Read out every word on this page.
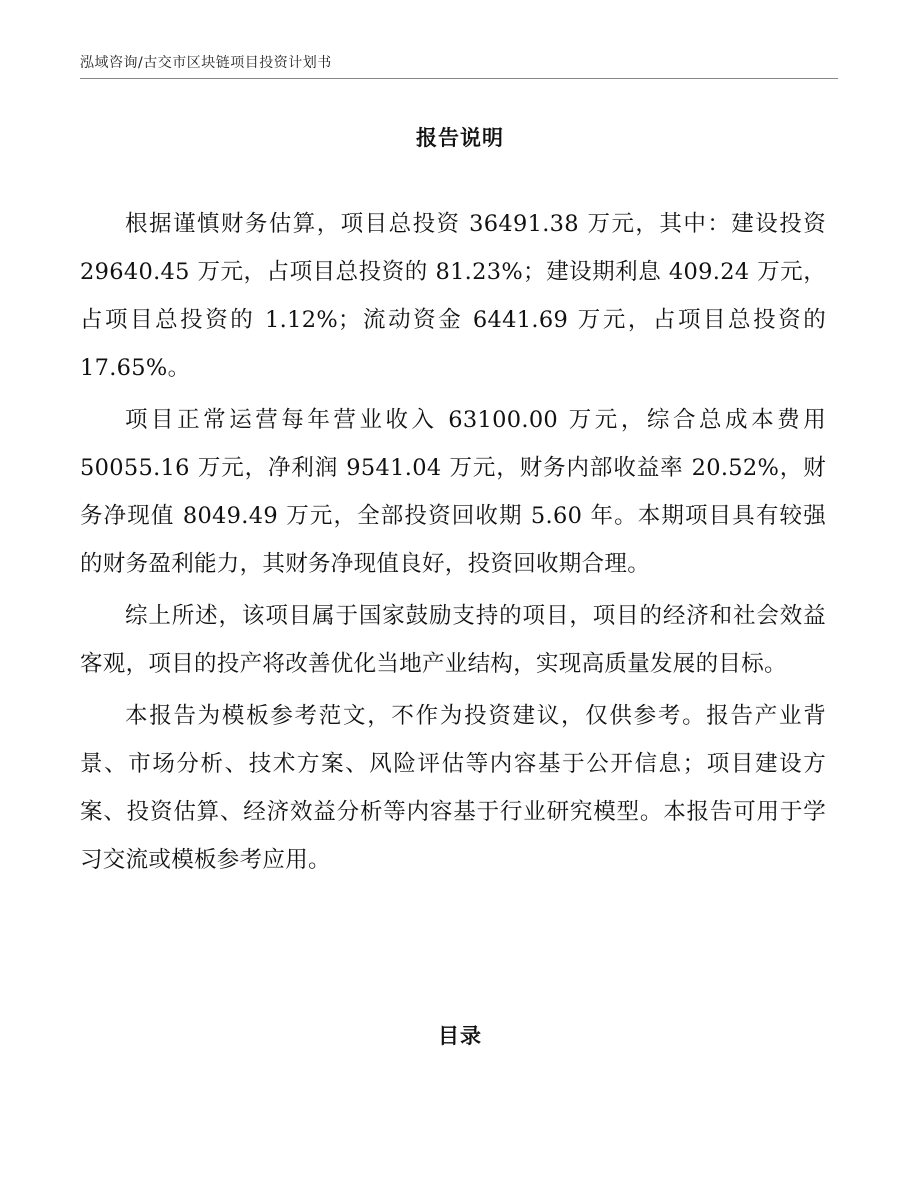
泓域咨询/古交市区块链项目投资计划书
报告说明

根据谨慎财务估算，项目总投资 36491.38 万元，其中：建设投资 29640.45 万元，占项目总投资的 81.23%；建设期利息 409.24 万元，占项目总投资的 1.12%；流动资金 6441.69 万元，占项目总投资的 17.65%。

项目正常运营每年营业收入 63100.00 万元，综合总成本费用 50055.16 万元，净利润 9541.04 万元，财务内部收益率 20.52%，财务净现值 8049.49 万元，全部投资回收期 5.60 年。本期项目具有较强的财务盈利能力，其财务净现值良好，投资回收期合理。

综上所述，该项目属于国家鼓励支持的项目，项目的经济和社会效益客观，项目的投产将改善优化当地产业结构，实现高质量发展的目标。

本报告为模板参考范文，不作为投资建议，仅供参考。报告产业背景、市场分析、技术方案、风险评估等内容基于公开信息；项目建设方案、投资估算、经济效益分析等内容基于行业研究模型。本报告可用于学习交流或模板参考应用。

目录
